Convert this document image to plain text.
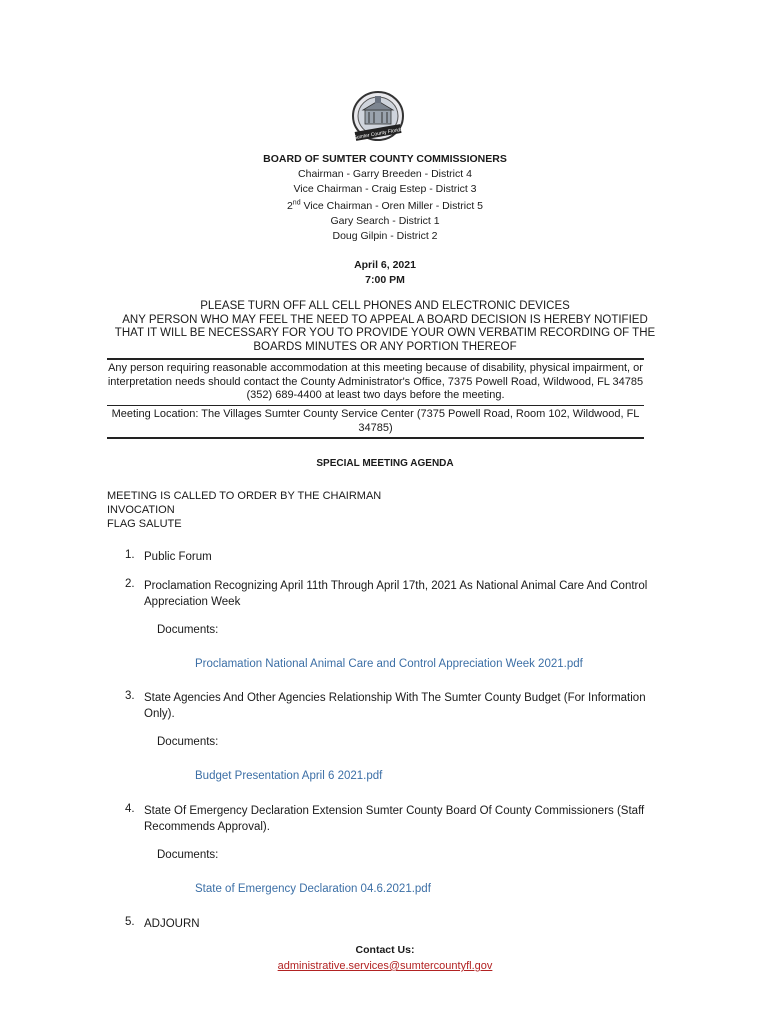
Sumter County Florida
BOARD OF SUMTER COUNTY COMMISSIONERS
Chairman - Garry Breeden - District 4
Vice Chairman - Craig Estep - District 3
2nd Vice Chairman - Oren Miller - District 5
Gary Search - District 1
Doug Gilpin - District 2
April 6, 2021
7:00 PM
PLEASE TURN OFF ALL CELL PHONES AND ELECTRONIC DEVICES
ANY PERSON WHO MAY FEEL THE NEED TO APPEAL A BOARD DECISION IS HEREBY NOTIFIED
THAT IT WILL BE NECESSARY FOR YOU TO PROVIDE YOUR OWN VERBATIM RECORDING OF THE
BOARDS MINUTES OR ANY PORTION THEREOF
Any person requiring reasonable accommodation at this meeting because of disability, physical impairment, or interpretation needs should contact the County Administrator's Office, 7375 Powell Road, Wildwood, FL 34785 (352) 689-4400 at least two days before the meeting.
Meeting Location: The Villages Sumter County Service Center (7375 Powell Road, Room 102, Wildwood, FL 34785)
SPECIAL MEETING AGENDA
MEETING IS CALLED TO ORDER BY THE CHAIRMAN
INVOCATION
FLAG SALUTE
1. Public Forum
2. Proclamation Recognizing April 11th Through April 17th, 2021 As National Animal Care And Control Appreciation Week
Documents:
Proclamation National Animal Care and Control Appreciation Week 2021.pdf
3. State Agencies And Other Agencies Relationship With The Sumter County Budget (For Information Only).
Documents:
Budget Presentation April 6 2021.pdf
4. State Of Emergency Declaration Extension Sumter County Board Of County Commissioners (Staff Recommends Approval).
Documents:
State of Emergency Declaration 04.6.2021.pdf
5. ADJOURN
Contact Us:
administrative.services@sumtercountyfl.gov
